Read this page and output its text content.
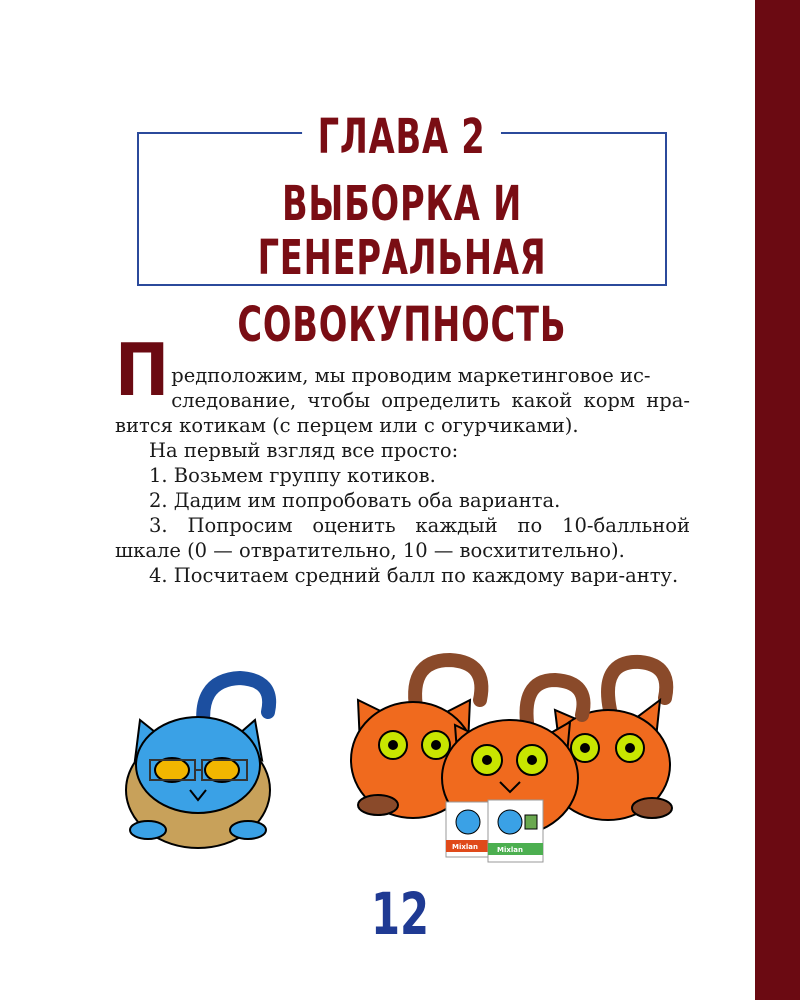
ГЛАВА 2
ВЫБОРКА И ГЕНЕРАЛЬНАЯ
СОВОКУПНОСТЬ

П редположим, мы проводим маркетинговое ис-

следование, чтобы определить какой корм нра-вится котикам (с перцем или с огурчиками).

На первый взгляд все просто:

1. Возьмем группу котиков.

2. Дадим им попробовать оба варианта.

3. Попросим оценить каждый по 10-балльной шкале (0 — отвратительно, 10 — восхитительно).

4. Посчитаем средний балл по каждому вари-анту.

Mixlan	Mixlan
12
